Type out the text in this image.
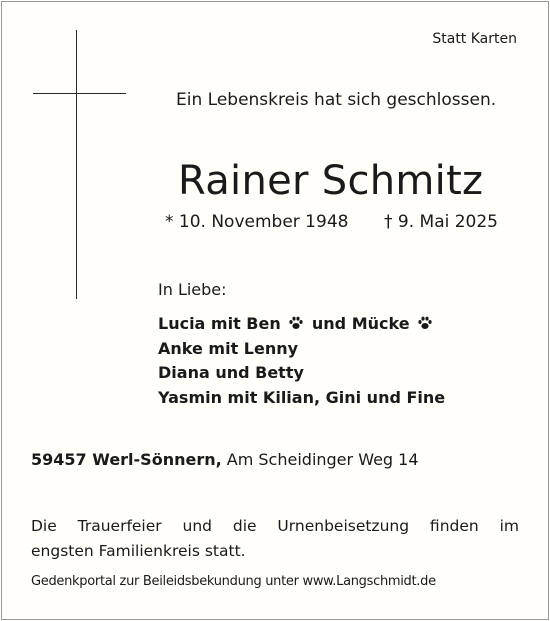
Statt Karten
Ein Lebenskreis hat sich geschlossen.
Rainer Schmitz
* 10. November 1948 † 9. Mai 2025
In Liebe:
Lucia mit Ben und Mücke
Anke mit Lenny
Diana und Betty
Yasmin mit Kilian, Gini und Fine
59457 Werl-Sönnern, Am Scheidinger Weg 14
Die Trauerfeier und die Urnenbeisetzung finden im
engsten Familienkreis statt.
Gedenkportal zur Beileidsbekundung unter www.Langschmidt.de
